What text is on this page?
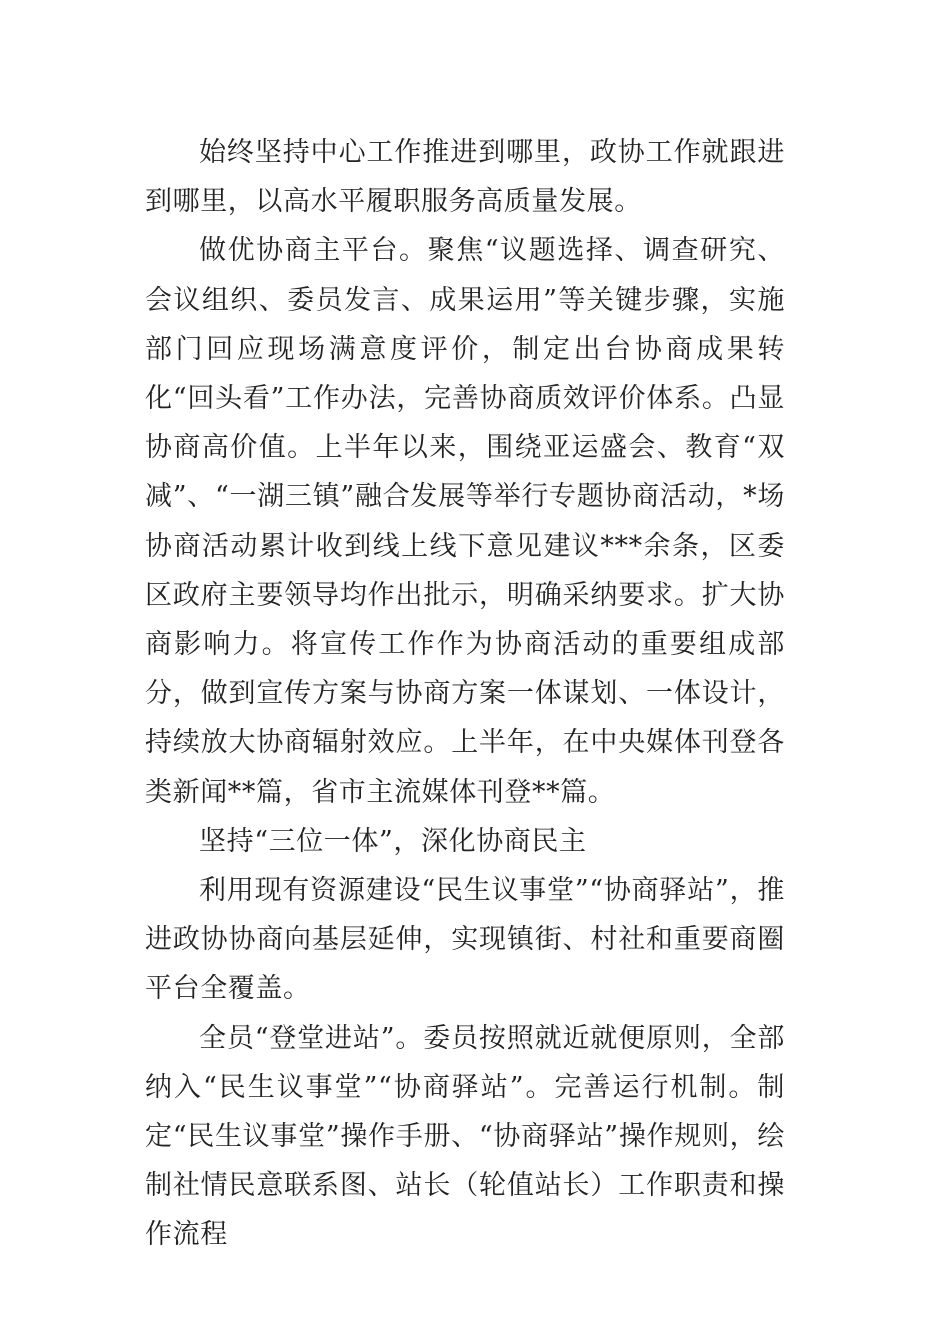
始终坚持中心工作推进到哪里，政协工作就跟进到哪里，以高水平履职服务高质量发展。

做优协商主平台。聚焦“议题选择、调查研究、会议组织、委员发言、成果运用”等关键步骤，实施部门回应现场满意度评价，制定出台协商成果转化“回头看”工作办法，完善协商质效评价体系。凸显协商高价值。上半年以来，围绕亚运盛会、教育“双减”、“一湖三镇”融合发展等举行专题协商活动，*场协商活动累计收到线上线下意见建议***余条，区委区政府主要领导均作出批示，明确采纳要求。扩大协商影响力。将宣传工作作为协商活动的重要组成部分，做到宣传方案与协商方案一体谋划、一体设计，持续放大协商辐射效应。上半年，在中央媒体刊登各类新闻**篇，省市主流媒体刊登**篇。

坚持“三位一体”，深化协商民主

利用现有资源建设“民生议事堂”“协商驿站”，推进政协协商向基层延伸，实现镇街、村社和重要商圈平台全覆盖。

全员“登堂进站”。委员按照就近就便原则，全部纳入“民生议事堂”“协商驿站”。完善运行机制。制定“民生议事堂”操作手册、“协商驿站”操作规则，绘制社情民意联系图、站长（轮值站长）工作职责和操作流程
